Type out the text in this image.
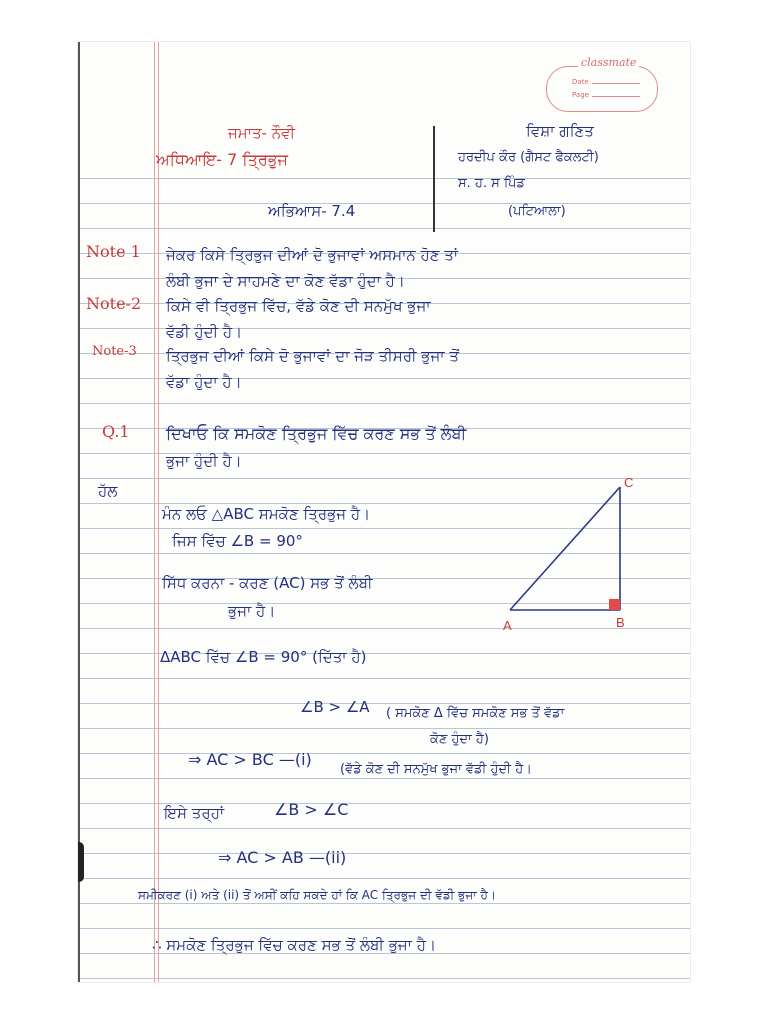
classmate
Date
Page
ਜਮਾਤ- ਨੌਵੀ
ਅਧਿਆਇ- 7 ਤ੍ਰਿਭੁਜ
ਅਭਿਆਸ- 7.4
ਵਿਸ਼ਾ ਗਣਿਤ
ਹਰਦੀਪ ਕੌਰ (ਗੈਸਟ ਫੈਕਲਟੀ)
ਸ. ਹ. ਸ ਪਿੰਡ
(ਪਟਿਆਲਾ)
Note 1 ਜੇਕਰ ਕਿਸੇ ਤ੍ਰਿਭੁਜ ਦੀਆਂ ਦੋ ਭੁਜਾਵਾਂ ਅਸਮਾਨ ਹੋਣ ਤਾਂ
ਲੰਬੀ ਭੁਜਾ ਦੇ ਸਾਹਮਣੇ ਦਾ ਕੋਣ ਵੱਡਾ ਹੁੰਦਾ ਹੈ।
Note-2 ਕਿਸੇ ਵੀ ਤ੍ਰਿਭੁਜ ਵਿੱਚ, ਵੱਡੇ ਕੋਣ ਦੀ ਸਨਮੁੱਖ ਭੁਜਾ
ਵੱਡੀ ਹੁੰਦੀ ਹੈ।
Note-3 ਤ੍ਰਿਭੁਜ ਦੀਆਂ ਕਿਸੇ ਦੋ ਭੁਜਾਵਾਂ ਦਾ ਜੋੜ ਤੀਸਰੀ ਭੁਜਾ ਤੋਂ
ਵੱਡਾ ਹੁੰਦਾ ਹੈ।
Q.1 ਦਿਖਾਓ ਕਿ ਸਮਕੋਣ ਤ੍ਰਿਭੁਜ ਵਿੱਚ ਕਰਣ ਸਭ ਤੋਂ ਲੰਬੀ
ਭੁਜਾ ਹੁੰਦੀ ਹੈ।
ਹੱਲ
ਮੰਨ ਲਓ △ABC ਸਮਕੋਣ ਤ੍ਰਿਭੁਜ ਹੈ।
ਜਿਸ ਵਿੱਚ ∠B = 90°
ਸਿੱਧ ਕਰਨਾ - ਕਰਣ (AC) ਸਭ ਤੋਂ ਲੰਬੀ
ਭੁਜਾ ਹੈ।
ΔABC ਵਿੱਚ ∠B = 90° (ਦਿੱਤਾ ਹੈ)
∠B > ∠A ( ਸਮਕੋਣ Δ ਵਿੱਚ ਸਮਕੋਣ ਸਭ ਤੋਂ ਵੱਡਾ
ਕੋਣ ਹੁੰਦਾ ਹੈ)
⇒ AC > BC —(i)
(ਵੱਡੇ ਕੋਣ ਦੀ ਸਨਮੁੱਖ ਭੁਜਾ ਵੱਡੀ ਹੁੰਦੀ ਹੈ।
ਇਸੇ ਤਰ੍ਹਾਂ	∠B > ∠C
⇒ AC > AB —(ii)
ਸਮੀਕਰਣ (i) ਅਤੇ (ii) ਤੋਂ ਅਸੀਂ ਕਹਿ ਸਕਦੇ ਹਾਂ ਕਿ AC ਤ੍ਰਿਭੁਜ ਦੀ ਵੱਡੀ ਭੁਜਾ ਹੈ।
∴ ਸਮਕੋਣ ਤ੍ਰਿਭੁਜ ਵਿੱਚ ਕਰਣ ਸਭ ਤੋਂ ਲੰਬੀ ਭੁਜਾ ਹੈ।
A	B
C
